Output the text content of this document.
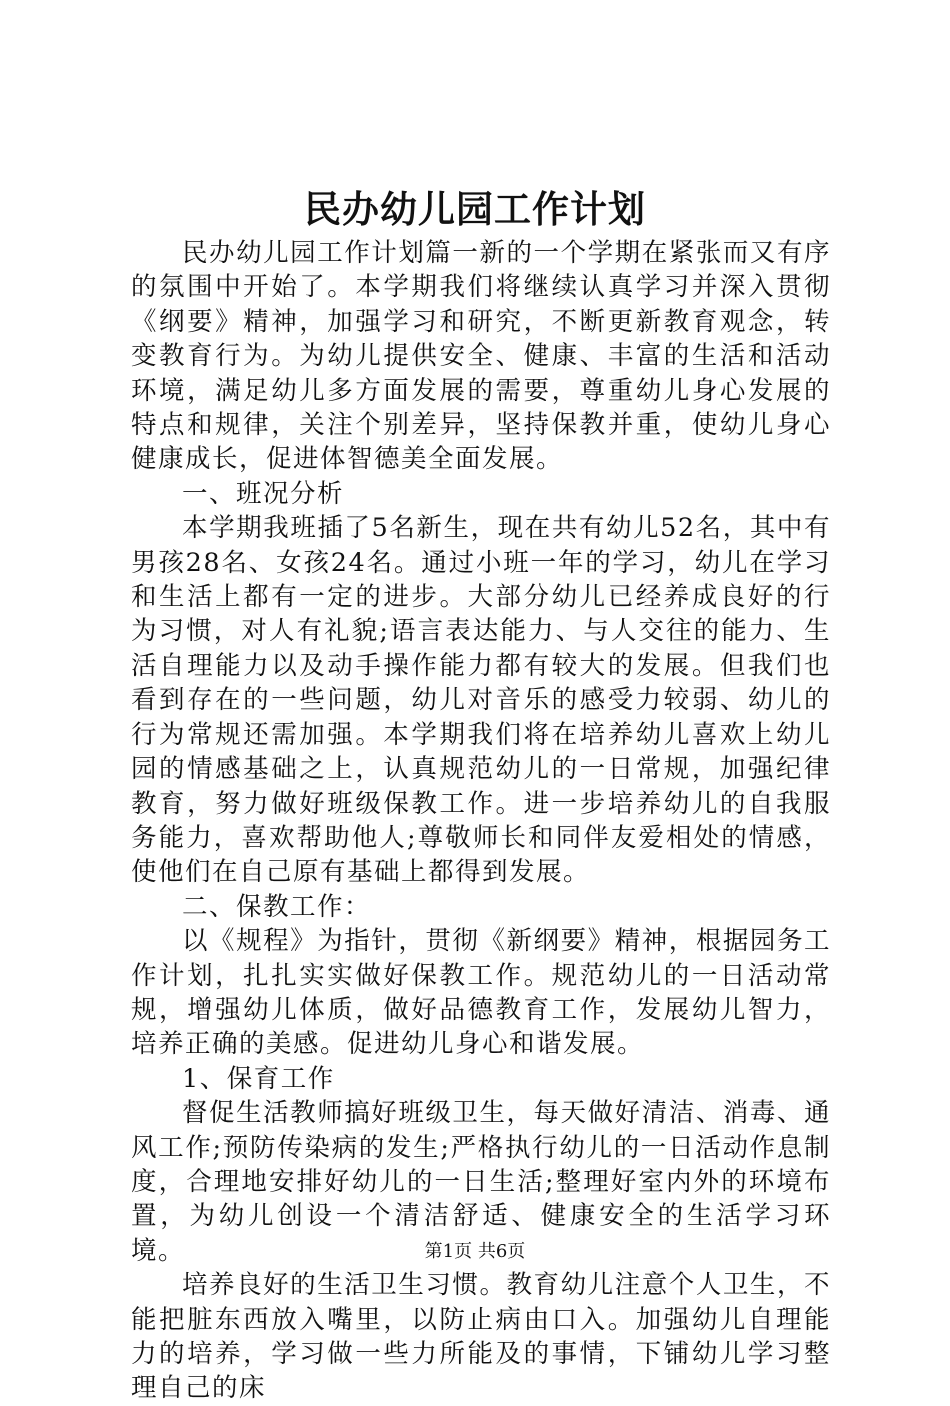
民办幼儿园工作计划

民办幼儿园工作计划篇一新的一个学期在紧张而又有序的氛围中开始了。本学期我们将继续认真学习并深入贯彻《纲要》精神，加强学习和研究，不断更新教育观念，转变教育行为。为幼儿提供安全、健康、丰富的生活和活动环境，满足幼儿多方面发展的需要，尊重幼儿身心发展的特点和规律，关注个别差异，坚持保教并重，使幼儿身心健康成长，促进体智德美全面发展。

一、班况分析

本学期我班插了5名新生，现在共有幼儿52名，其中有男孩28名、女孩24名。通过小班一年的学习，幼儿在学习和生活上都有一定的进步。大部分幼儿已经养成良好的行为习惯，对人有礼貌;语言表达能力、与人交往的能力、生活自理能力以及动手操作能力都有较大的发展。但我们也看到存在的一些问题，幼儿对音乐的感受力较弱、幼儿的行为常规还需加强。本学期我们将在培养幼儿喜欢上幼儿园的情感基础之上，认真规范幼儿的一日常规，加强纪律教育，努力做好班级保教工作。进一步培养幼儿的自我服务能力，喜欢帮助他人;尊敬师长和同伴友爱相处的情感，使他们在自己原有基础上都得到发展。

二、保教工作：

以《规程》为指针，贯彻《新纲要》精神，根据园务工作计划，扎扎实实做好保教工作。规范幼儿的一日活动常规，增强幼儿体质，做好品德教育工作，发展幼儿智力，培养正确的美感。促进幼儿身心和谐发展。

1、保育工作

督促生活教师搞好班级卫生，每天做好清洁、消毒、通风工作;预防传染病的发生;严格执行幼儿的一日活动作息制度，合理地安排好幼儿的一日生活;整理好室内外的环境布置，为幼儿创设一个清洁舒适、健康安全的生活学习环境。

培养良好的生活卫生习惯。教育幼儿注意个人卫生，不能把脏东西放入嘴里，以防止病由口入。加强幼儿自理能力的培养，学习做一些力所能及的事情，下铺幼儿学习整理自己的床

第1页 共6页
